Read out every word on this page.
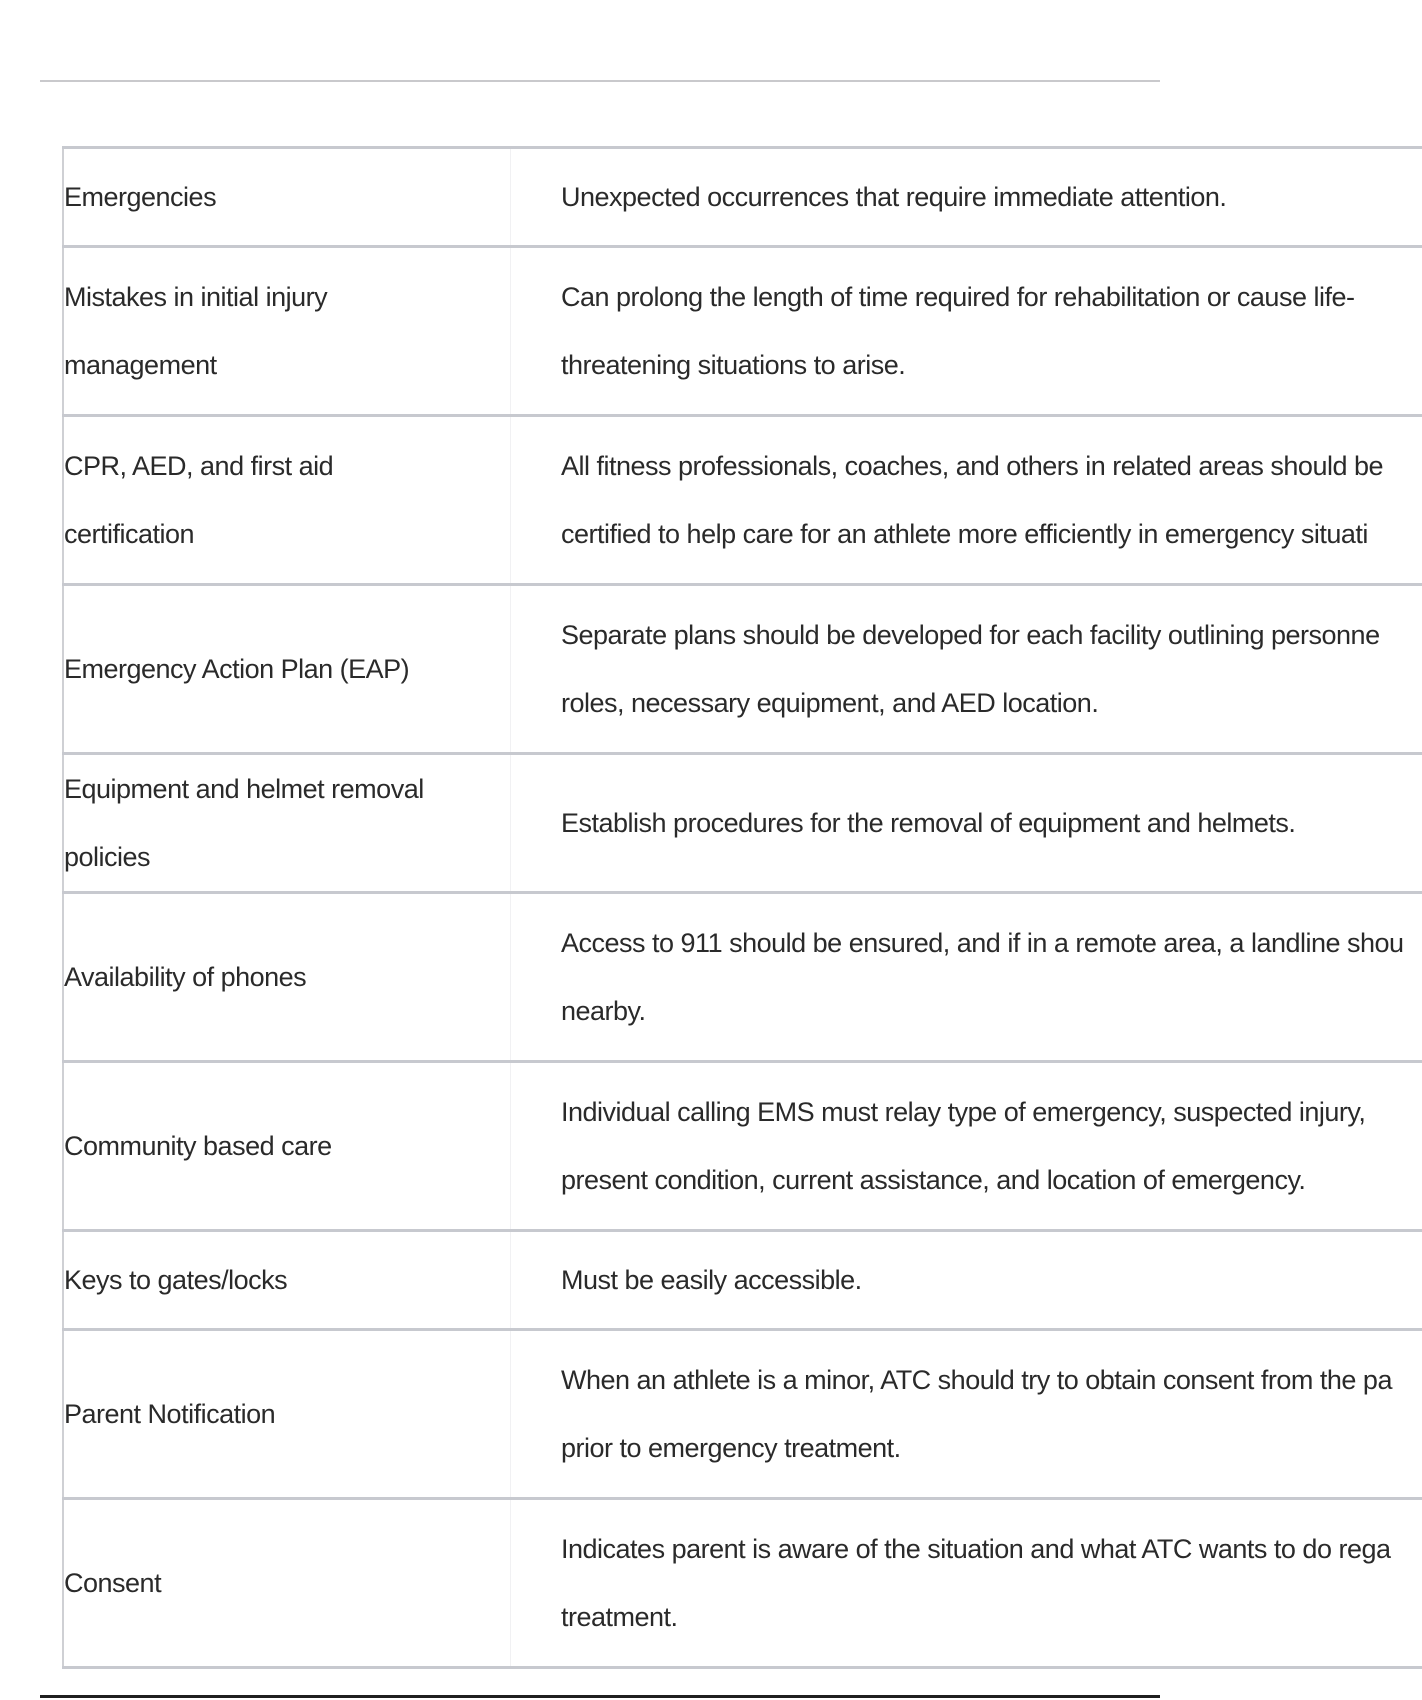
Emergencies	Unexpected occurrences that require immediate attention.
Mistakes in initial injury management	Can prolong the length of time required for rehabilitation or cause life-threatening situations to arise.
CPR, AED, and first aid certification	All fitness professionals, coaches, and others in related areas should be certified to help care for an athlete more efficiently in emergency situati
Emergency Action Plan (EAP)	Separate plans should be developed for each facility outlining personne roles, necessary equipment, and AED location.
Equipment and helmet removal policies	Establish procedures for the removal of equipment and helmets.
Availability of phones	Access to 911 should be ensured, and if in a remote area, a landline shou nearby.
Community based care	Individual calling EMS must relay type of emergency, suspected injury, present condition, current assistance, and location of emergency.
Keys to gates/locks	Must be easily accessible.
Parent Notification	When an athlete is a minor, ATC should try to obtain consent from the pa prior to emergency treatment.
Consent	Indicates parent is aware of the situation and what ATC wants to do rega treatment.
